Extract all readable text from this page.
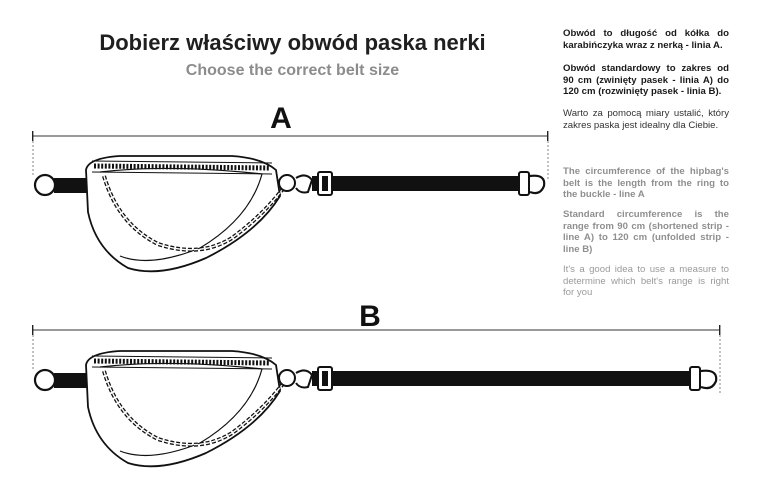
Dobierz właściwy obwód paska nerki
Choose the correct belt size

Obwód to długość od kółka do karabińczyka wraz z nerką - linia A.

Obwód standardowy to zakres od 90 cm (zwinięty pasek - linia A) do 120 cm (rozwinięty pasek - linia B).

Warto za pomocą miary ustalić, który zakres paska jest idealny dla Ciebie.

The circumference of the hipbag's belt is the length from the ring to the buckle - line A

Standard circumference is the range from 90 cm (shortened strip - line A) to 120 cm (unfolded strip - line B)

It's a good idea to use a measure to determine which belt's range is right for you

A
B
